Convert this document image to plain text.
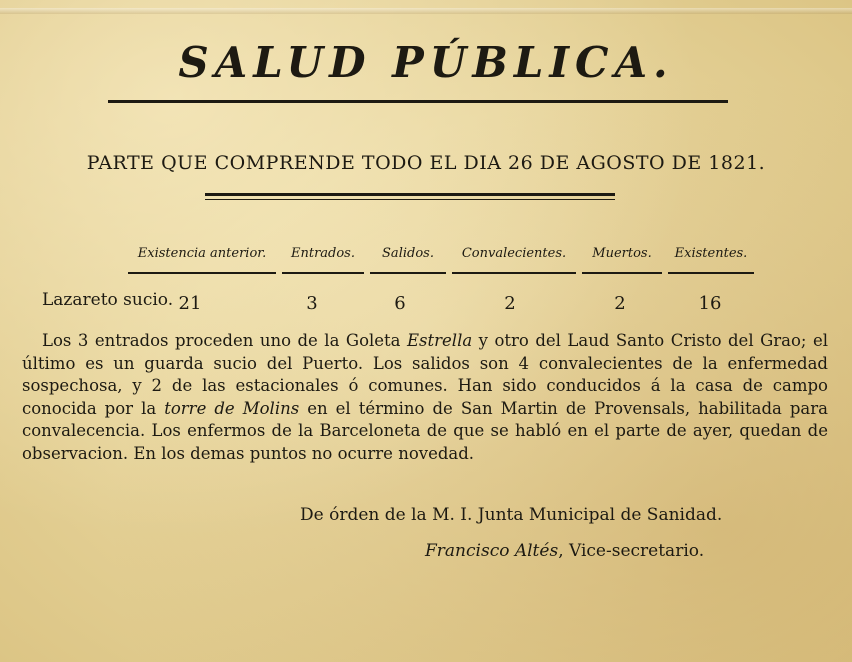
SALUD PÚBLICA.
PARTE QUE COMPRENDE TODO EL DIA 26 DE AGOSTO DE 1821.
Existencia anterior.	Entrados.	Salidos.	Convalecientes.	Muertos.	Existentes.
Lazareto sucio. 21	3	6	2	2	16

Los 3 entrados proceden uno de la Goleta Estrella y otro del Laud Santo Cristo del Grao; el último es un guarda sucio del Puerto. Los salidos son 4 convalecientes de la enfermedad sospechosa, y 2 de las estacionales ó comunes. Han sido conducidos á la casa de campo conocida por la torre de Molins en el término de San Martin de Provensals, habilitada para convalecencia. Los enfermos de la Barceloneta de que se habló en el parte de ayer, quedan de observacion. En los demas puntos no ocurre novedad.

De órden de la M. I. Junta Municipal de Sanidad.
Francisco Altés, Vice-secretario.
